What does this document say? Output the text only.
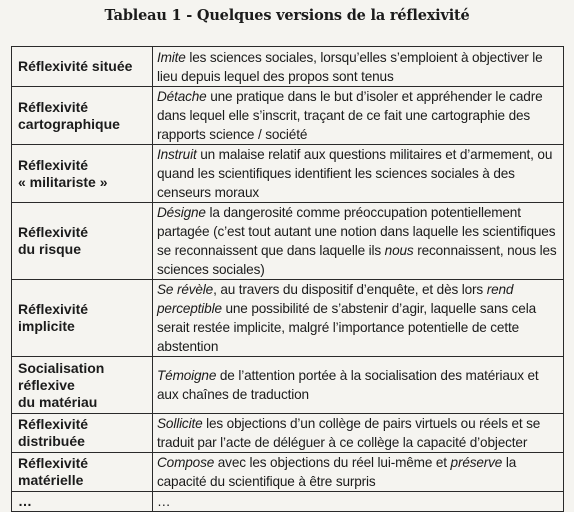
Tableau 1 - Quelques versions de la réflexivité
Réflexivité située	Imite les sciences sociales, lorsqu’elles s’emploient à objectiver le lieu depuis lequel des propos sont tenus
Réflexivité
cartographique	Détache une pratique dans le but d’isoler et appréhender le cadre dans lequel elle s’inscrit, traçant de ce fait une cartographie des rapports science / société
Réflexivité
« militariste »	Instruit un malaise relatif aux questions militaires et d’armement, ou quand les scientifiques identifient les sciences sociales à des censeurs moraux
Réflexivité
du risque	Désigne la dangerosité comme préoccupation potentiellement partagée (c’est tout autant une notion dans laquelle les scientifiques se reconnaissent que dans laquelle ils nous reconnaissent, nous les sciences sociales)
Réflexivité
implicite	Se révèle, au travers du dispositif d’enquête, et dès lors rend perceptible une possibilité de s’abstenir d’agir, laquelle sans cela serait restée implicite, malgré l’importance potentielle de cette abstention
Socialisation
réflexive
du matériau	Témoigne de l’attention portée à la socialisation des matériaux et aux chaînes de traduction
Réflexivité
distribuée	Sollicite les objections d’un collège de pairs virtuels ou réels et se traduit par l’acte de déléguer à ce collège la capacité d’objecter
Réflexivité
matérielle	Compose avec les objections du réel lui-même et préserve la capacité du scientifique à être surpris
…	…
